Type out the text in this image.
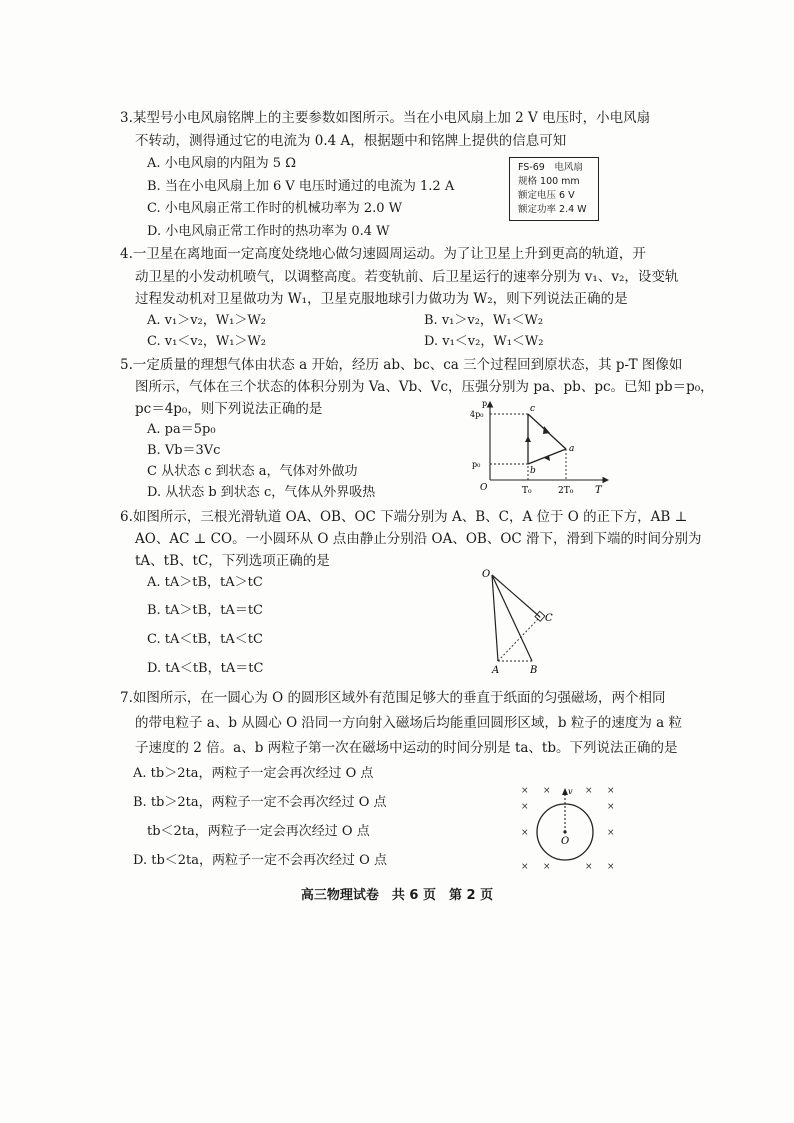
3.某型号小电风扇铭牌上的主要参数如图所示。当在小电风扇上加 2 V 电压时，小电风扇
不转动，测得通过它的电流为 0.4 A，根据题中和铭牌上提供的信息可知
A. 小电风扇的内阻为 5 Ω
B. 当在小电风扇上加 6 V 电压时通过的电流为 1.2 A
C. 小电风扇正常工作时的机械功率为 2.0 W
D. 小电风扇正常工作时的热功率为 0.4 W
FS-69　电风扇
规格 100 mm
额定电压 6 V
额定功率 2.4 W
4.一卫星在离地面一定高度处绕地心做匀速圆周运动。为了让卫星上升到更高的轨道，开
动卫星的小发动机喷气，以调整高度。若变轨前、后卫星运行的速率分别为 v₁、v₂，设变轨
过程发动机对卫星做功为 W₁，卫星克服地球引力做功为 W₂，则下列说法正确的是
A. v₁＞v₂，W₁＞W₂	B. v₁＞v₂，W₁＜W₂
C. v₁＜v₂，W₁＞W₂	D. v₁＜v₂，W₁＜W₂
5.一定质量的理想气体由状态 a 开始，经历 ab、bc、ca 三个过程回到原状态，其 p-T 图像如
图所示，气体在三个状态的体积分别为 Va、Vb、Vc，压强分别为 pa、pb、pc。已知 pb＝p₀，
pc＝4p₀，则下列说法正确的是
A. pa＝5p₀
B. Vb＝3Vc
C 从状态 c 到状态 a，气体对外做功
D. 从状态 b 到状态 c，气体从外界吸热
p
4p₀
p₀
O	T₀	2T₀ T
a
b
c
6.如图所示，三根光滑轨道 OA、OB、OC 下端分别为 A、B、C，A 位于 O 的正下方，AB ⊥
AO、AC ⊥ CO。一小圆环从 O 点由静止分别沿 OA、OB、OC 滑下，滑到下端的时间分别为
tA、tB、tC，下列选项正确的是
A. tA＞tB，tA＞tC
B. tA＞tB，tA＝tC
C. tA＜tB，tA＜tC
D. tA＜tB，tA＝tC
O
A	B
C
7.如图所示，在一圆心为 O 的圆形区域外有范围足够大的垂直于纸面的匀强磁场，两个相同
的带电粒子 a、b 从圆心 O 沿同一方向射入磁场后均能重回圆形区域，b 粒子的速度为 a 粒
子速度的 2 倍。a、b 两粒子第一次在磁场中运动的时间分别是 ta、tb。下列说法正确的是
A. tb＞2ta，两粒子一定会再次经过 O 点
B. tb＞2ta，两粒子一定不会再次经过 O 点
tb＜2ta，两粒子一定会再次经过 O 点
D. tb＜2ta，两粒子一定不会再次经过 O 点
O
v
× ×	× ×
×	×
×	×
× ×	× ×
高三物理试卷　共 6 页　第 2 页
